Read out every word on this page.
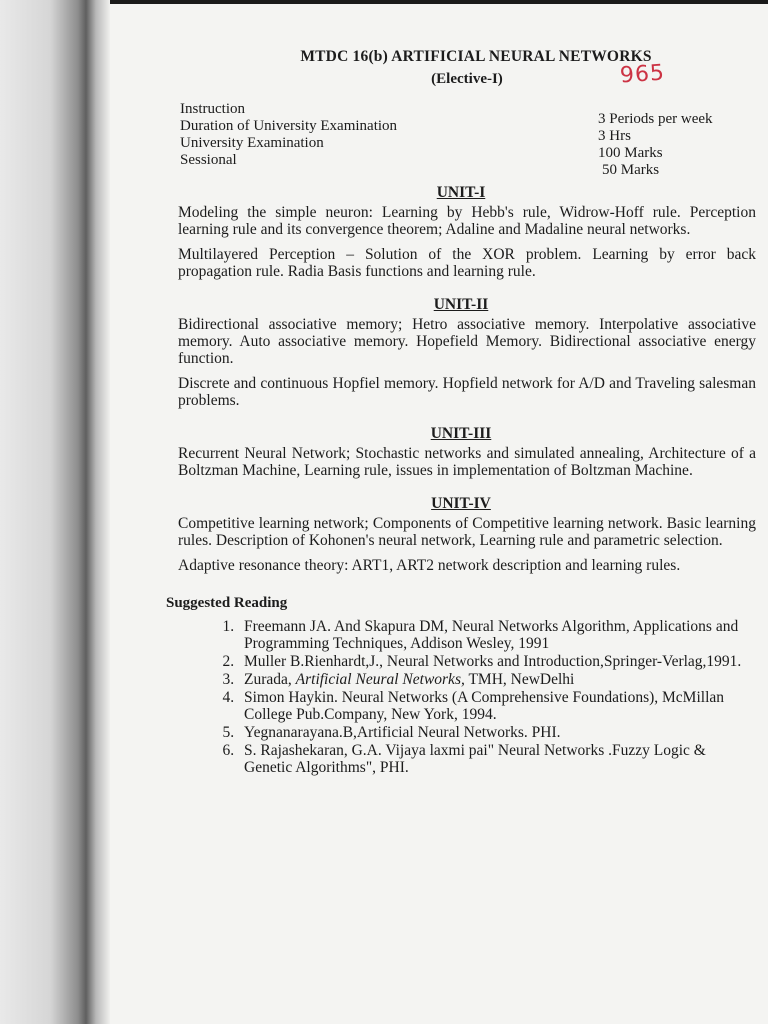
965
MTDC 16(b) ARTIFICIAL NEURAL NETWORKS
(Elective-I)
Instruction
Duration of University Examination
University Examination
Sessional
3 Periods per week
3 Hrs
100 Marks
50 Marks
UNIT-I

Modeling the simple neuron: Learning by Hebb's rule, Widrow-Hoff rule. Perception learning rule and its convergence theorem; Adaline and Madaline neural networks.

Multilayered Perception – Solution of the XOR problem. Learning by error back propagation rule. Radia Basis functions and learning rule.

UNIT-II

Bidirectional associative memory; Hetro associative memory. Interpolative associative memory. Auto associative memory. Hopefield Memory. Bidirectional associative energy function.

Discrete and continuous Hopfiel memory. Hopfield network for A/D and Traveling salesman problems.

UNIT-III

Recurrent Neural Network; Stochastic networks and simulated annealing, Architecture of a Boltzman Machine, Learning rule, issues in implementation of Boltzman Machine.

UNIT-IV

Competitive learning network; Components of Competitive learning network. Basic learning rules. Description of Kohonen's neural network, Learning rule and parametric selection.

Adaptive resonance theory: ART1, ART2 network description and learning rules.

Suggested Reading
1. Freemann JA. And Skapura DM, Neural Networks Algorithm, Applications and Programming Techniques, Addison Wesley, 1991
2. Muller B.Rienhardt,J., Neural Networks and Introduction,Springer-Verlag,1991.
3. Zurada, Artificial Neural Networks, TMH, NewDelhi
4. Simon Haykin. Neural Networks (A Comprehensive Foundations), McMillan College Pub.Company, New York, 1994.
5. Yegnanarayana.B,Artificial Neural Networks. PHI.
6. S. Rajashekaran, G.A. Vijaya laxmi pai" Neural Networks .Fuzzy Logic & Genetic Algorithms", PHI.
